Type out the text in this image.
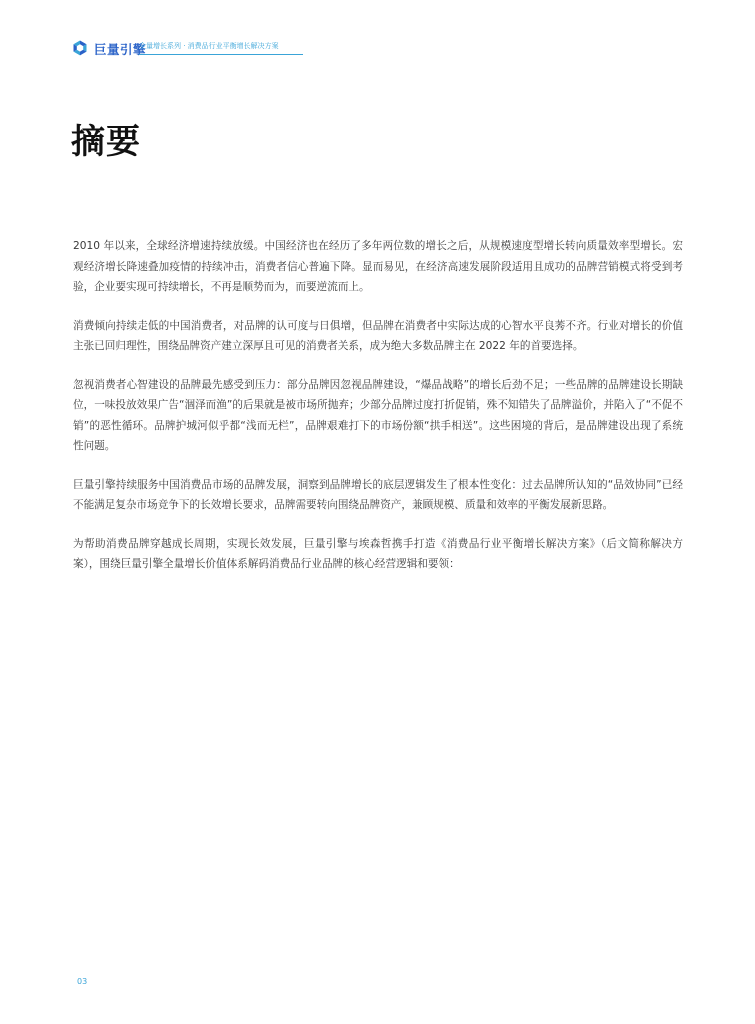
巨量引擎
全量增长系列 · 消费品行业平衡增长解决方案
摘要

2010 年以来，全球经济增速持续放缓。中国经济也在经历了多年两位数的增长之后，从规模速度型增长转向质量效率型增长。宏观经济增长降速叠加疫情的持续冲击，消费者信心普遍下降。显而易见，在经济高速发展阶段适用且成功的品牌营销模式将受到考验，企业要实现可持续增长，不再是顺势而为，而要逆流而上。

消费倾向持续走低的中国消费者，对品牌的认可度与日俱增，但品牌在消费者中实际达成的心智水平良莠不齐。行业对增长的价值主张已回归理性，围绕品牌资产建立深厚且可见的消费者关系，成为绝大多数品牌主在 2022 年的首要选择。

忽视消费者心智建设的品牌最先感受到压力：部分品牌因忽视品牌建设，“爆品战略”的增长后劲不足；一些品牌的品牌建设长期缺位，一味投放效果广告“涸泽而渔”的后果就是被市场所抛弃；少部分品牌过度打折促销，殊不知错失了品牌溢价，并陷入了“不促不销”的恶性循环。品牌护城河似乎都“浅而无栏”，品牌艰难打下的市场份额“拱手相送”。这些困境的背后，是品牌建设出现了系统性问题。

巨量引擎持续服务中国消费品市场的品牌发展，洞察到品牌增长的底层逻辑发生了根本性变化：过去品牌所认知的“品效协同”已经不能满足复杂市场竞争下的长效增长要求，品牌需要转向围绕品牌资产，兼顾规模、质量和效率的平衡发展新思路。

为帮助消费品牌穿越成长周期，实现长效发展，巨量引擎与埃森哲携手打造《消费品行业平衡增长解决方案》（后文简称解决方案），围绕巨量引擎全量增长价值体系解码消费品行业品牌的核心经营逻辑和要领：

03
